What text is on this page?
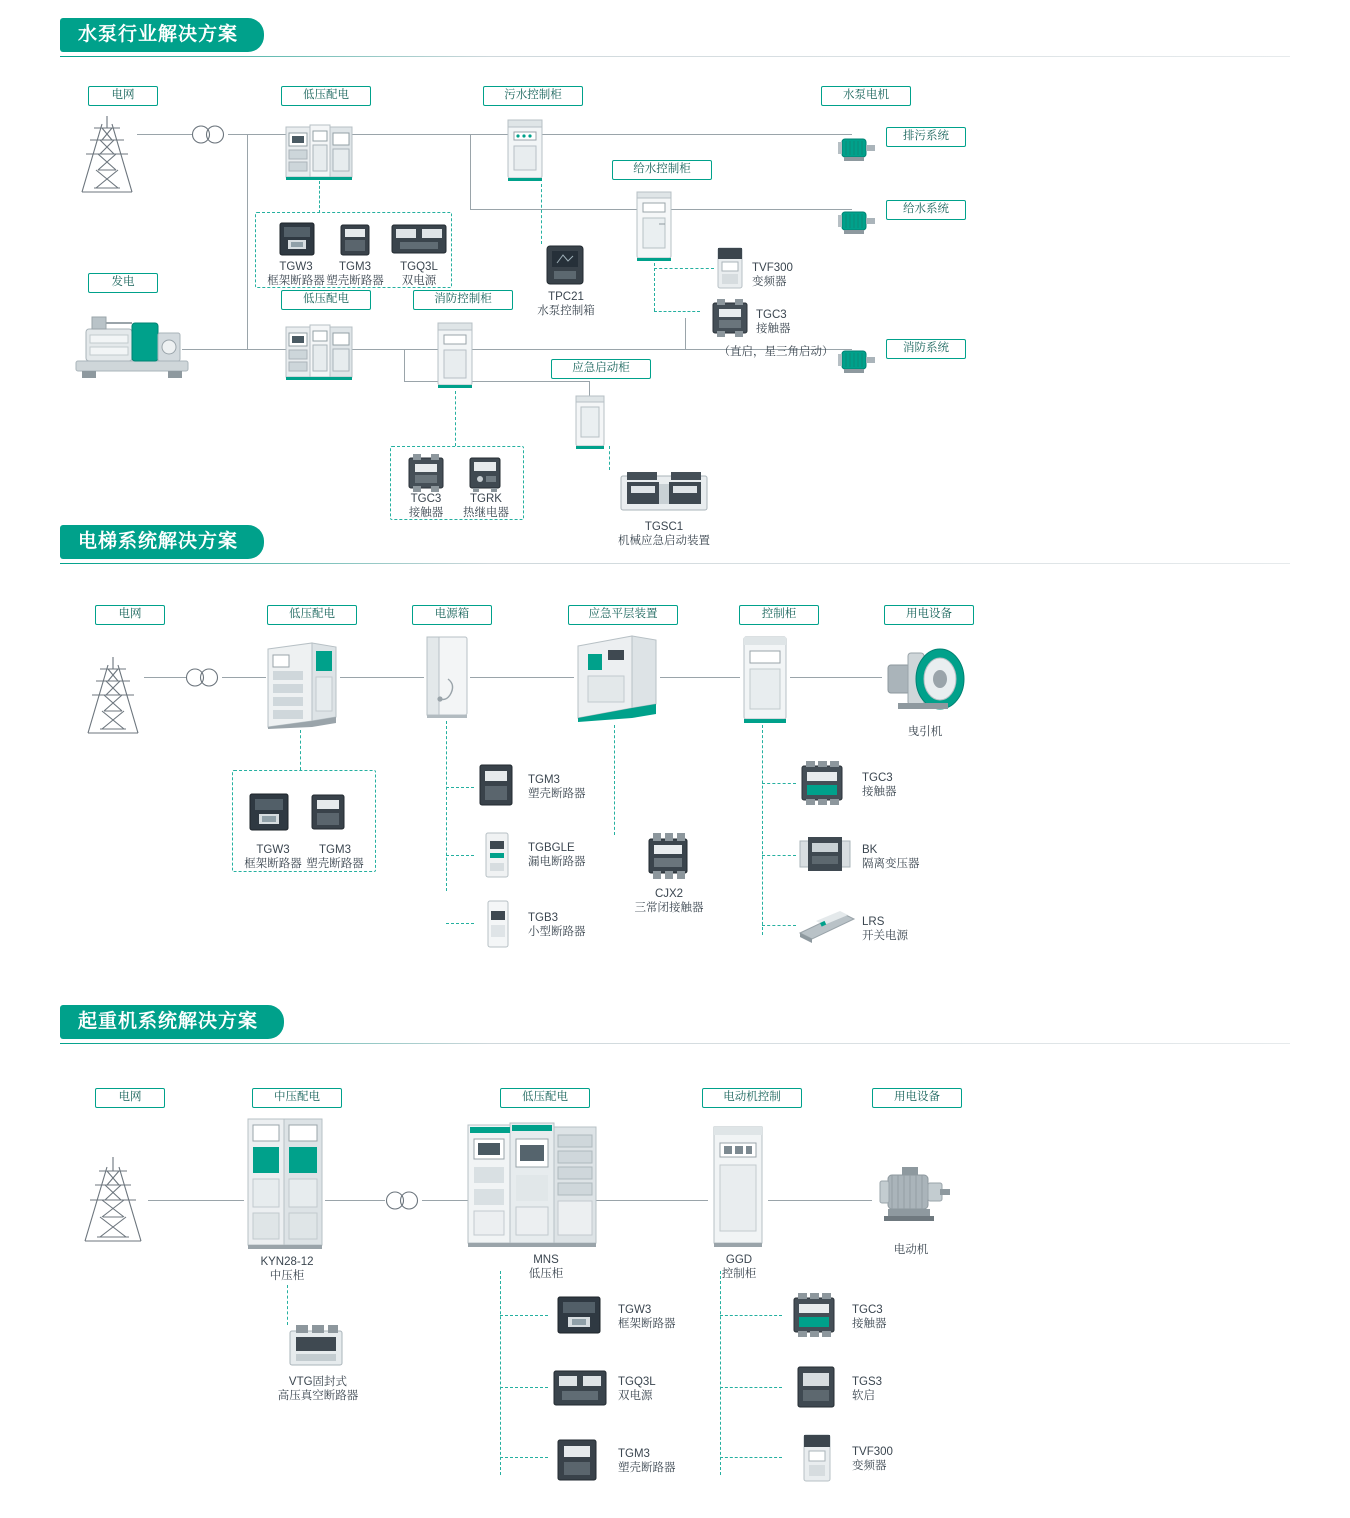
水泵行业解决方案
电网
发电
低压配电
低压配电
污水控制柜
给水控制柜
消防控制柜
应急启动柜
水泵电机
排污系统
给水系统
消防系统
TGW3
框架断路器
TGM3
塑壳断路器
TGQ3L
双电源
TPC21
水泵控制箱
TVF300
变频器
TGC3
接触器
（直启，星三角启动）
TGC3
接触器
TGRK
热继电器
TGSC1
机械应急启动装置
电梯系统解决方案
电网	低压配电	电源箱	应急平层装置	控制柜	用电设备
曳引机
TGW3
框架断路器
TGM3
塑壳断路器
TGM3
塑壳断路器
TGBGLE
漏电断路器
TGB3
小型断路器
CJX2
三常闭接触器
TGC3
接触器
BK
隔离变压器
LRS
开关电源
起重机系统解决方案
电网	中压配电	低压配电	电动机控制	用电设备
KYN28-12
中压柜
VTG固封式
高压真空断路器
MNS
低压柜
GGD
控制柜
电动机
TGW3
框架断路器
TGQ3L
双电源
TGM3
塑壳断路器
TGC3
接触器
TGS3
软启
TVF300
变频器
